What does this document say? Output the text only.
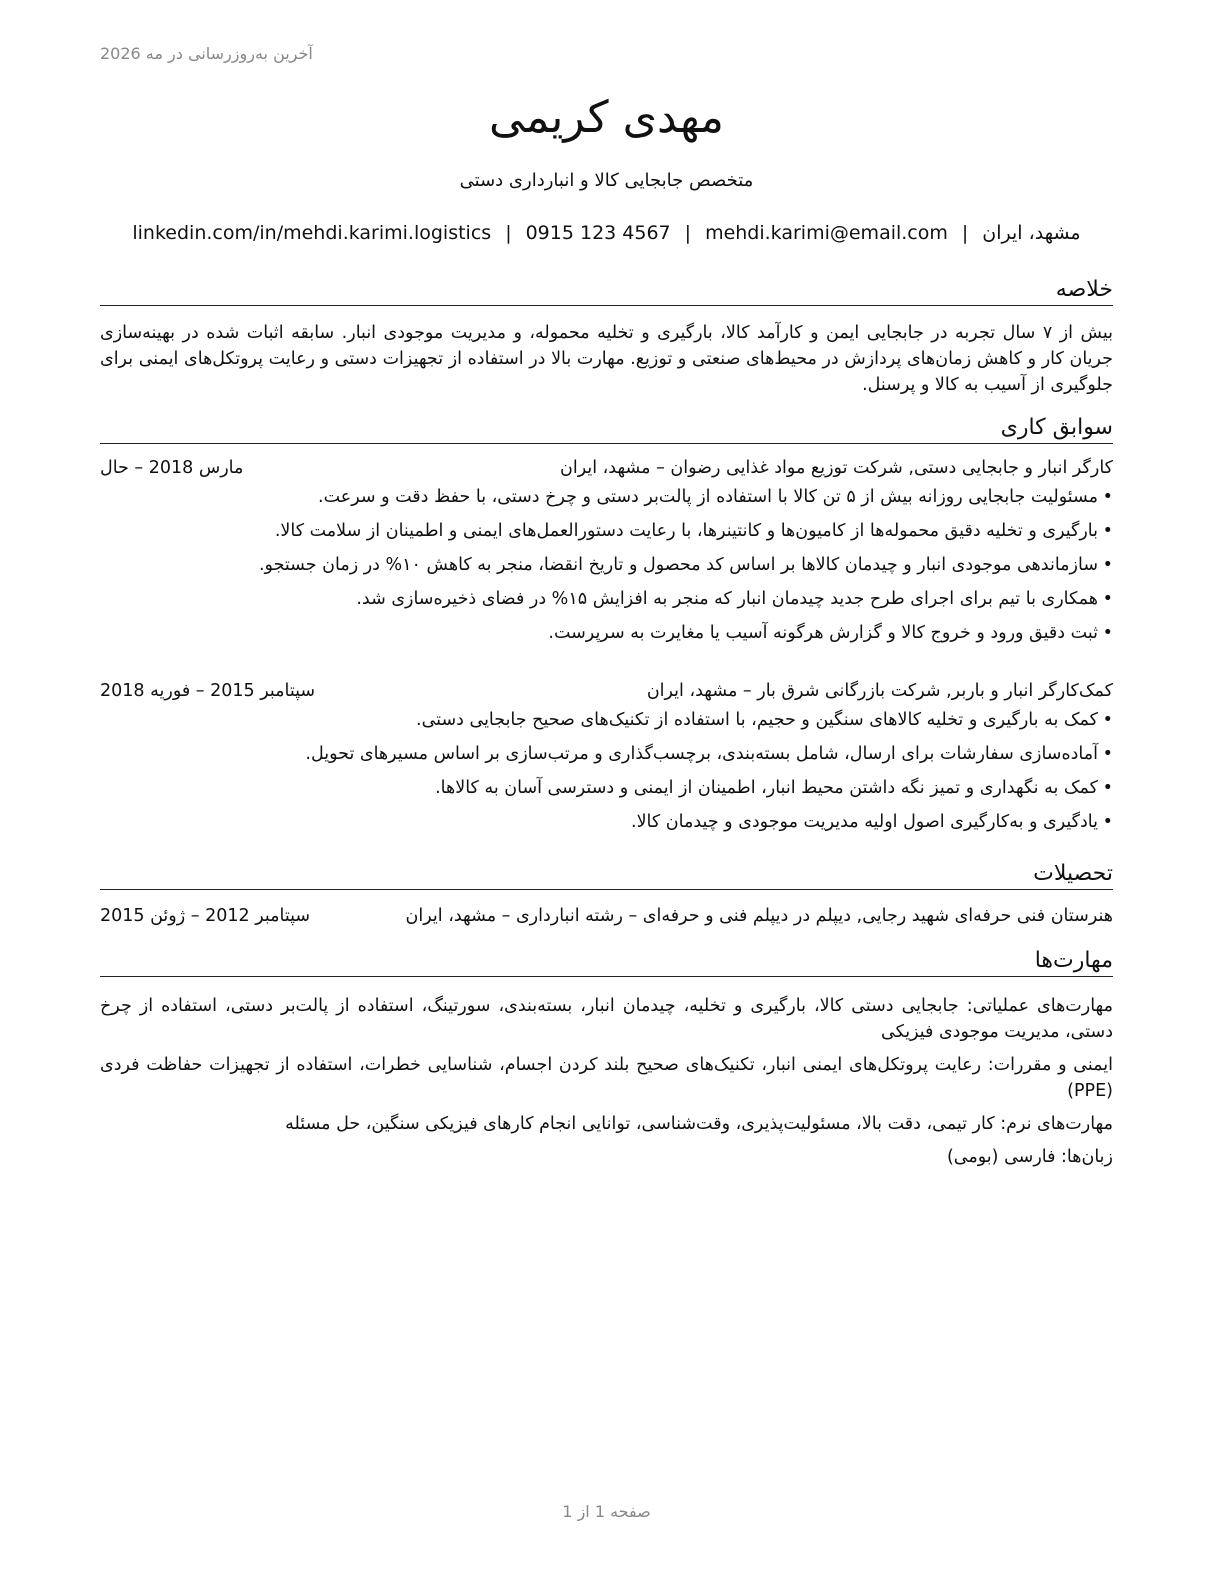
آخرین به‌روزرسانی در مه 2026
مهدی کریمی
متخصص جابجایی کالا و انبارداری دستی
مشهد، ایران|mehdi.karimi@email.com|0915 123 4567|linkedin.com/in/mehdi.karimi.logistics
خلاصه
بیش از ۷ سال تجربه در جابجایی ایمن و کارآمد کالا، بارگیری و تخلیه محموله، و مدیریت موجودی انبار. سابقه اثبات شده در بهینه‌سازی جریان کار و کاهش زمان‌های پردازش در محیط‌های صنعتی و توزیع. مهارت بالا در استفاده از تجهیزات دستی و رعایت پروتکل‌های ایمنی برای جلوگیری از آسیب به کالا و پرسنل.
سوابق کاری
کارگر انبار و جابجایی دستی, شرکت توزیع مواد غذایی رضوان – مشهد، ایران
مارس 2018 – حال
• مسئولیت جابجایی روزانه بیش از ۵ تن کالا با استفاده از پالت‌بر دستی و چرخ دستی، با حفظ دقت و سرعت.
• بارگیری و تخلیه دقیق محموله‌ها از کامیون‌ها و کانتینرها، با رعایت دستورالعمل‌های ایمنی و اطمینان از سلامت کالا.
• سازماندهی موجودی انبار و چیدمان کالاها بر اساس کد محصول و تاریخ انقضا، منجر به کاهش ۱۰% در زمان جستجو.
• همکاری با تیم برای اجرای طرح جدید چیدمان انبار که منجر به افزایش ۱۵% در فضای ذخیره‌سازی شد.
• ثبت دقیق ورود و خروج کالا و گزارش هرگونه آسیب یا مغایرت به سرپرست.
کمک‌کارگر انبار و باربر, شرکت بازرگانی شرق بار – مشهد، ایران
سپتامبر 2015 – فوریه 2018
• کمک به بارگیری و تخلیه کالاهای سنگین و حجیم، با استفاده از تکنیک‌های صحیح جابجایی دستی.
• آماده‌سازی سفارشات برای ارسال، شامل بسته‌بندی، برچسب‌گذاری و مرتب‌سازی بر اساس مسیرهای تحویل.
• کمک به نگهداری و تمیز نگه داشتن محیط انبار، اطمینان از ایمنی و دسترسی آسان به کالاها.
• یادگیری و به‌کارگیری اصول اولیه مدیریت موجودی و چیدمان کالا.
تحصیلات
هنرستان فنی حرفه‌ای شهید رجایی, دیپلم در دیپلم فنی و حرفه‌ای – رشته انبارداری – مشهد، ایران
سپتامبر 2012 – ژوئن 2015
مهارت‌ها
مهارت‌های عملیاتی: جابجایی دستی کالا، بارگیری و تخلیه، چیدمان انبار، بسته‌بندی، سورتینگ، استفاده از پالت‌بر دستی، استفاده از چرخ دستی، مدیریت موجودی فیزیکی
ایمنی و مقررات: رعایت پروتکل‌های ایمنی انبار، تکنیک‌های صحیح بلند کردن اجسام، شناسایی خطرات، استفاده از تجهیزات حفاظت فردی (PPE)
مهارت‌های نرم: کار تیمی، دقت بالا، مسئولیت‌پذیری، وقت‌شناسی، توانایی انجام کارهای فیزیکی سنگین، حل مسئله
زبان‌ها: فارسی (بومی)
صفحه 1 از 1
